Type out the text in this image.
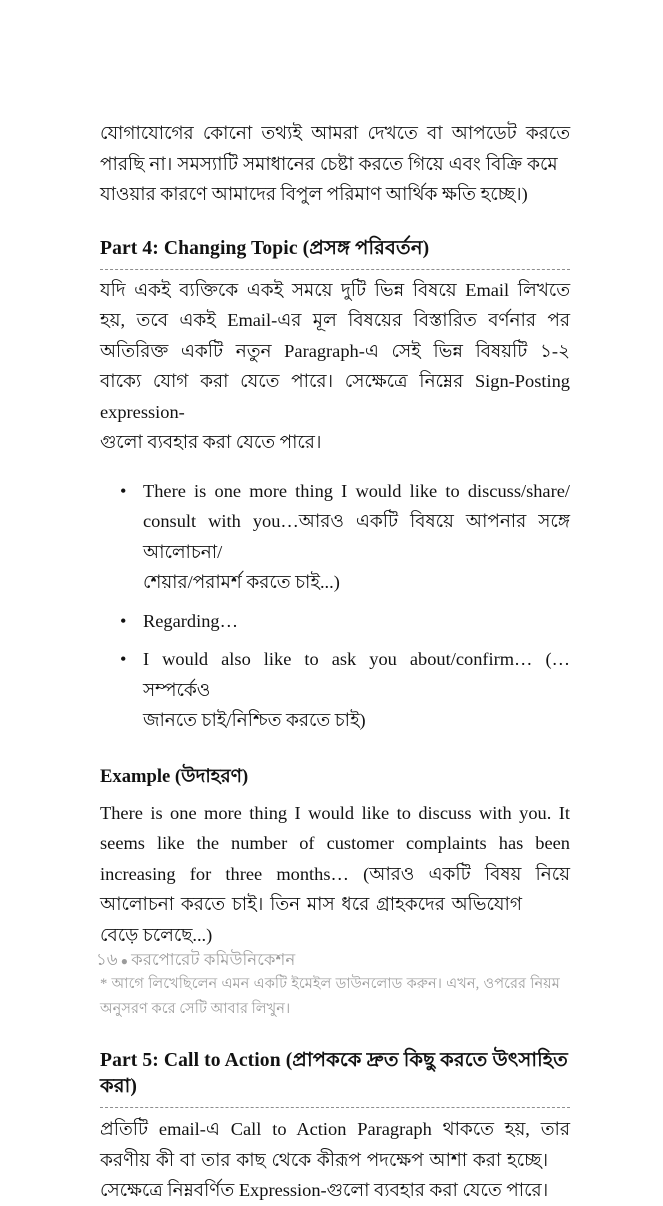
যোগাযোগের কোনো তথ্যই আমরা দেখতে বা আপডেট করতে পারছি না। সমস্যাটি সমাধানের চেষ্টা করতে গিয়ে এবং বিক্রি কমে
যাওয়ার কারণে আমাদের বিপুল পরিমাণ আর্থিক ক্ষতি হচ্ছে।)

Part 4: Changing Topic (প্রসঙ্গ পরিবর্তন)

যদি একই ব্যক্তিকে একই সময়ে দুটি ভিন্ন বিষয়ে Email লিখতে হয়, তবে একই Email-এর মূল বিষয়ের বিস্তারিত বর্ণনার পর অতিরিক্ত একটি নতুন Paragraph-এ সেই ভিন্ন বিষয়টি ১-২ বাক্যে যোগ করা যেতে পারে। সেক্ষেত্রে নিম্নের Sign-Posting expression-
গুলো ব্যবহার করা যেতে পারে।

• There is one more thing I would like to discuss/share/ consult with you…আরও একটি বিষয়ে আপনার সঙ্গে আলোচনা/
শেয়ার/পরামর্শ করতে চাই...)
• Regarding…
• I would also like to ask you about/confirm… (… সম্পর্কেও
জানতে চাই/নিশ্চিত করতে চাই)
Example (উদাহরণ)

There is one more thing I would like to discuss with you. It seems like the number of customer complaints has been increasing for three months… (আরও একটি বিষয় নিয়ে আলোচনা করতে চাই। তিন মাস ধরে গ্রাহকদের অভিযোগ
বেড়ে চলেছে...)

* আগে লিখেছিলেন এমন একটি ইমেইল ডাউনলোড করুন। এখন, ওপরের নিয়ম
অনুসরণ করে সেটি আবার লিখুন।

Part 5: Call to Action (প্রাপককে দ্রুত কিছু করতে উৎসাহিত করা)

প্রতিটি email-এ Call to Action Paragraph থাকতে হয়, তার করণীয় কী বা তার কাছ থেকে কীরূপ পদক্ষেপ আশা করা হচ্ছে।
সেক্ষেত্রে নিম্নবর্ণিত Expression-গুলো ব্যবহার করা যেতে পারে।

১৬ ● করপোরেট কমিউনিকেশন
